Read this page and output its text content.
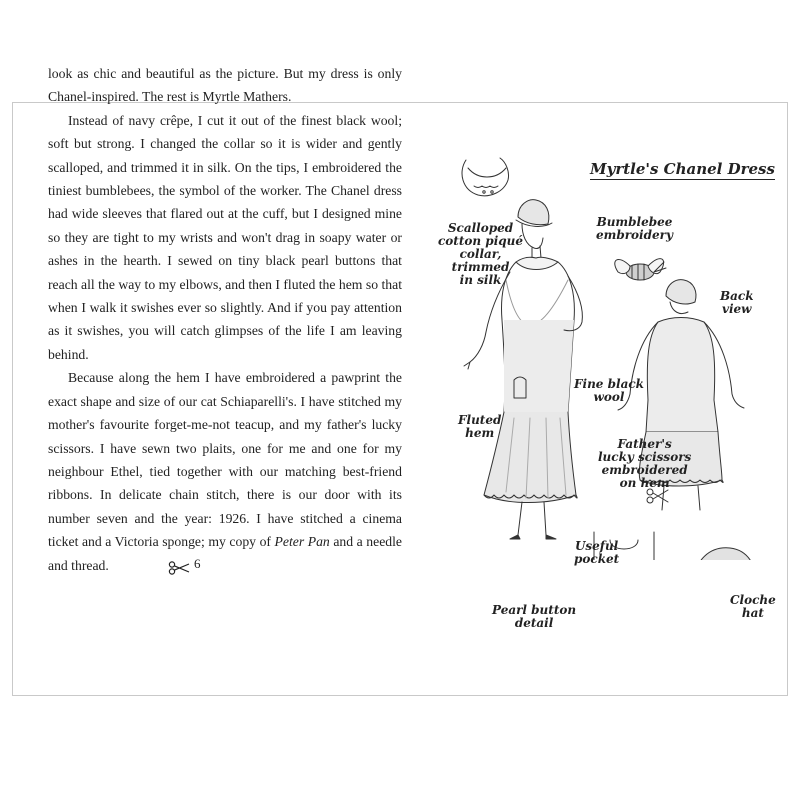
look as chic and beautiful as the picture. But my dress is only Chanel-inspired. The rest is Myrtle Mathers.

Instead of navy crêpe, I cut it out of the finest black wool; soft but strong. I changed the collar so it is wider and gently scalloped, and trimmed it in silk. On the tips, I embroidered the tiniest bumblebees, the symbol of the worker. The Chanel dress had wide sleeves that flared out at the cuff, but I designed mine so they are tight to my wrists and won't drag in soapy water or ashes in the hearth. I sewed on tiny black pearl buttons that reach all the way to my elbows, and then I fluted the hem so that when I walk it swishes ever so slightly. And if you pay attention as it swishes, you will catch glimpses of the life I am leaving behind.

Because along the hem I have embroidered a pawprint the exact shape and size of our cat Schiaparelli's. I have stitched my mother's favourite forget-me-not teacup, and my father's lucky scissors. I have sewn two plaits, one for me and one for my neighbour Ethel, tied together with our matching best-friend ribbons. In delicate chain stitch, there is our door with its number seven and the year: 1926. I have stitched a cinema ticket and a Victoria sponge; my copy of Peter Pan and a needle and thread.	6
Myrtle's Chanel Dress
Scalloped
cotton piqué
collar,
trimmed
in silk
Bumblebee
embroidery
Back
view
Fine black
wool
Fluted
hem
Father's
lucky scissors
embroidered
on hem
Useful
pocket
Pearl button
detail
Cloche
hat
